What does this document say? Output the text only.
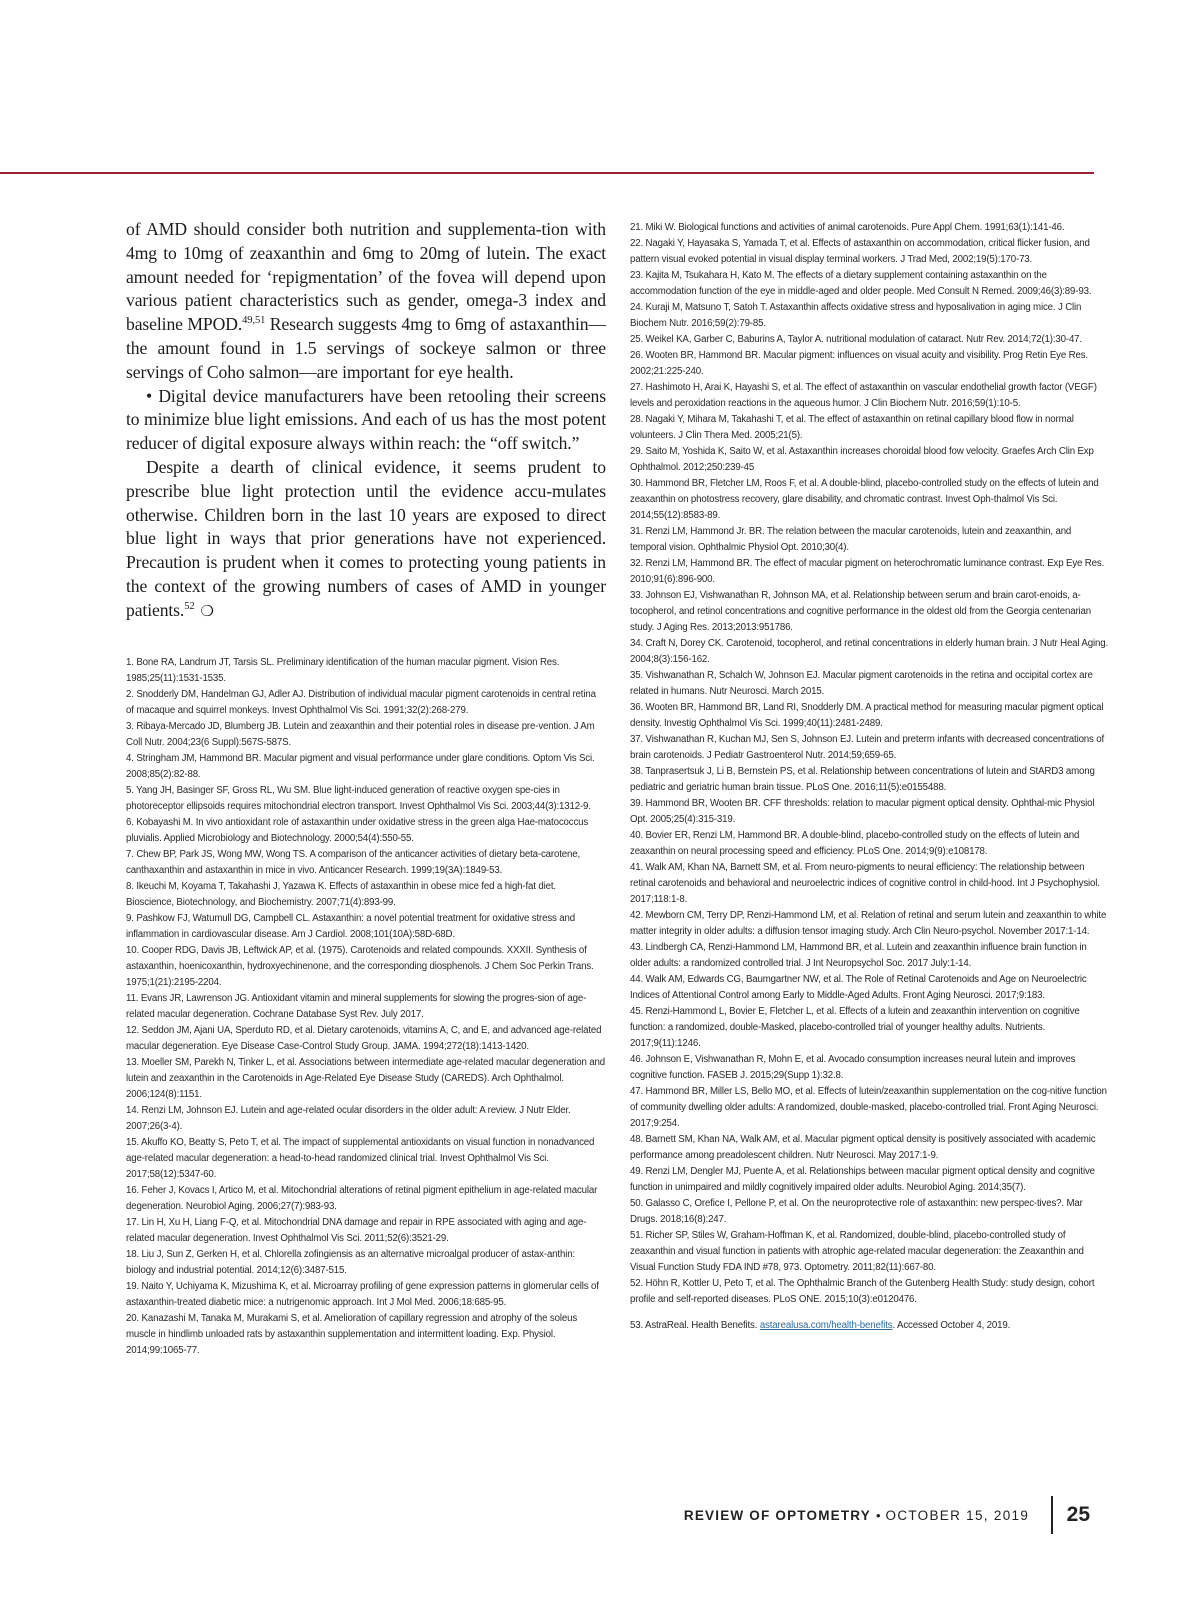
of AMD should consider both nutrition and supplementa-tion with 4mg to 10mg of zeaxanthin and 6mg to 20mg of lutein. The exact amount needed for ‘repigmentation’ of the fovea will depend upon various patient characteristics such as gender, omega-3 index and baseline MPOD.$^{49,51}$ Research suggests 4mg to 6mg of astaxanthin—the amount found in 1.5 servings of sockeye salmon or three servings of Coho salmon—are important for eye health.

• Digital device manufacturers have been retooling their screens to minimize blue light emissions. And each of us has the most potent reducer of digital exposure always within reach: the “off switch.”

Despite a dearth of clinical evidence, it seems prudent to prescribe blue light protection until the evidence accu-mulates otherwise. Children born in the last 10 years are exposed to direct blue light in ways that prior generations have not experienced. Precaution is prudent when it comes to protecting young patients in the context of the growing numbers of cases of AMD in younger patients.$^{52}$ ❍

1. Bone RA, Landrum JT, Tarsis SL. Preliminary identification of the human macular pigment. Vision Res. 1985;25(11):1531-1535.

2. Snodderly DM, Handelman GJ, Adler AJ. Distribution of individual macular pigment carotenoids in central retina of macaque and squirrel monkeys. Invest Ophthalmol Vis Sci. 1991;32(2):268-279.

3. Ribaya-Mercado JD, Blumberg JB. Lutein and zeaxanthin and their potential roles in disease pre-vention. J Am Coll Nutr. 2004;23(6 Suppl):567S-587S.

4. Stringham JM, Hammond BR. Macular pigment and visual performance under glare conditions. Optom Vis Sci. 2008;85(2):82-88.

5. Yang JH, Basinger SF, Gross RL, Wu SM. Blue light-induced generation of reactive oxygen spe-cies in photoreceptor ellipsoids requires mitochondrial electron transport. Invest Ophthalmol Vis Sci. 2003;44(3):1312-9.

6. Kobayashi M. In vivo antioxidant role of astaxanthin under oxidative stress in the green alga Hae-matococcus pluvialis. Applied Microbiology and Biotechnology. 2000;54(4):550-55.

7. Chew BP, Park JS, Wong MW, Wong TS. A comparison of the anticancer activities of dietary beta-carotene, canthaxanthin and astaxanthin in mice in vivo. Anticancer Research. 1999;19(3A):1849-53.

8. Ikeuchi M, Koyama T, Takahashi J, Yazawa K. Effects of astaxanthin in obese mice fed a high-fat diet. Bioscience, Biotechnology, and Biochemistry. 2007;71(4):893-99.

9. Pashkow FJ, Watumull DG, Campbell CL. Astaxanthin: a novel potential treatment for oxidative stress and inflammation in cardiovascular disease. Am J Cardiol. 2008;101(10A):58D-68D.

10. Cooper RDG, Davis JB, Leftwick AP, et al. (1975). Carotenoids and related compounds. XXXII. Synthesis of astaxanthin, hoenicoxanthin, hydroxyechinenone, and the corresponding diosphenols. J Chem Soc Perkin Trans. 1975;1(21):2195-2204.

11. Evans JR, Lawrenson JG. Antioxidant vitamin and mineral supplements for slowing the progres-sion of age-related macular degeneration. Cochrane Database Syst Rev. July 2017.

12. Seddon JM, Ajani UA, Sperduto RD, et al. Dietary carotenoids, vitamins A, C, and E, and advanced age-related macular degeneration. Eye Disease Case-Control Study Group. JAMA. 1994;272(18):1413-1420.

13. Moeller SM, Parekh N, Tinker L, et al. Associations between intermediate age-related macular degeneration and lutein and zeaxanthin in the Carotenoids in Age-Related Eye Disease Study (CAREDS). Arch Ophthalmol. 2006;124(8):1151.

14. Renzi LM, Johnson EJ. Lutein and age-related ocular disorders in the older adult: A review. J Nutr Elder. 2007;26(3-4).

15. Akuffo KO, Beatty S, Peto T, et al. The impact of supplemental antioxidants on visual function in nonadvanced age-related macular degeneration: a head-to-head randomized clinical trial. Invest Ophthalmol Vis Sci. 2017;58(12):5347-60.

16. Feher J, Kovacs I, Artico M, et al. Mitochondrial alterations of retinal pigment epithelium in age-related macular degeneration. Neurobiol Aging. 2006;27(7):983-93.

17. Lin H, Xu H, Liang F-Q, et al. Mitochondrial DNA damage and repair in RPE associated with aging and age-related macular degeneration. Invest Ophthalmol Vis Sci. 2011;52(6):3521-29.

18. Liu J, Sun Z, Gerken H, et al. Chlorella zofingiensis as an alternative microalgal producer of astax-anthin: biology and industrial potential. 2014;12(6):3487-515.

19. Naito Y, Uchiyama K, Mizushima K, et al. Microarray profiling of gene expression patterns in glomerular cells of astaxanthin-treated diabetic mice: a nutrigenomic approach. Int J Mol Med. 2006;18:685-95.

20. Kanazashi M, Tanaka M, Murakami S, et al. Amelioration of capillary regression and atrophy of the soleus muscle in hindlimb unloaded rats by astaxanthin supplementation and intermittent loading. Exp. Physiol. 2014;99:1065-77.

21. Miki W. Biological functions and activities of animal carotenoids. Pure Appl Chem. 1991;63(1):141-46.

22. Nagaki Y, Hayasaka S, Yamada T, et al. Effects of astaxanthin on accommodation, critical flicker fusion, and pattern visual evoked potential in visual display terminal workers. J Trad Med, 2002;19(5):170-73.

23. Kajita M, Tsukahara H, Kato M. The effects of a dietary supplement containing astaxanthin on the accommodation function of the eye in middle-aged and older people. Med Consult N Remed. 2009;46(3):89-93.

24. Kuraji M, Matsuno T, Satoh T. Astaxanthin affects oxidative stress and hyposalivation in aging mice. J Clin Biochem Nutr. 2016;59(2):79-85.

25. Weikel KA, Garber C, Baburins A, Taylor A. nutritional modulation of cataract. Nutr Rev. 2014;72(1):30-47.

26. Wooten BR, Hammond BR. Macular pigment: influences on visual acuity and visibility. Prog Retin Eye Res. 2002;21:225-240.

27. Hashimoto H, Arai K, Hayashi S, et al. The effect of astaxanthin on vascular endothelial growth factor (VEGF) levels and peroxidation reactions in the aqueous humor. J Clin Biochem Nutr. 2016;59(1):10-5.

28. Nagaki Y, Mihara M, Takahashi T, et al. The effect of astaxanthin on retinal capillary blood flow in normal volunteers. J Clin Thera Med. 2005;21(5).

29. Saito M, Yoshida K, Saito W, et al. Astaxanthin increases choroidal blood fow velocity. Graefes Arch Clin Exp Ophthalmol. 2012;250:239-45

30. Hammond BR, Fletcher LM, Roos F, et al. A double-blind, placebo-controlled study on the effects of lutein and zeaxanthin on photostress recovery, glare disability, and chromatic contrast. Invest Oph-thalmol Vis Sci. 2014;55(12):8583-89.

31. Renzi LM, Hammond Jr. BR. The relation between the macular carotenoids, lutein and zeaxanthin, and temporal vision. Ophthalmic Physiol Opt. 2010;30(4).

32. Renzi LM, Hammond BR. The effect of macular pigment on heterochromatic luminance contrast. Exp Eye Res. 2010;91(6):896-900.

33. Johnson EJ, Vishwanathan R, Johnson MA, et al. Relationship between serum and brain carot-enoids, a-tocopherol, and retinol concentrations and cognitive performance in the oldest old from the Georgia centenarian study. J Aging Res. 2013;2013:951786.

34. Craft N, Dorey CK. Carotenoid, tocopherol, and retinal concentrations in elderly human brain. J Nutr Heal Aging. 2004;8(3):156-162.

35. Vishwanathan R, Schalch W, Johnson EJ. Macular pigment carotenoids in the retina and occipital cortex are related in humans. Nutr Neurosci. March 2015.

36. Wooten BR, Hammond BR, Land RI, Snodderly DM. A practical method for measuring macular pigment optical density. Investig Ophthalmol Vis Sci. 1999;40(11):2481-2489.

37. Vishwanathan R, Kuchan MJ, Sen S, Johnson EJ. Lutein and preterm infants with decreased concentrations of brain carotenoids. J Pediatr Gastroenterol Nutr. 2014;59;659-65.

38. Tanprasertsuk J, Li B, Bernstein PS, et al. Relationship between concentrations of lutein and StARD3 among pediatric and geriatric human brain tissue. PLoS One. 2016;11(5):e0155488.

39. Hammond BR, Wooten BR. CFF thresholds: relation to macular pigment optical density. Ophthal-mic Physiol Opt. 2005;25(4):315-319.

40. Bovier ER, Renzi LM, Hammond BR. A double-blind, placebo-controlled study on the effects of lutein and zeaxanthin on neural processing speed and efficiency. PLoS One. 2014;9(9):e108178.

41. Walk AM, Khan NA, Barnett SM, et al. From neuro-pigments to neural efficiency: The relationship between retinal carotenoids and behavioral and neuroelectric indices of cognitive control in child-hood. Int J Psychophysiol. 2017;118:1-8.

42. Mewborn CM, Terry DP, Renzi-Hammond LM, et al. Relation of retinal and serum lutein and zeaxanthin to white matter integrity in older adults: a diffusion tensor imaging study. Arch Clin Neuro-psychol. November 2017:1-14.

43. Lindbergh CA, Renzi-Hammond LM, Hammond BR, et al. Lutein and zeaxanthin influence brain function in older adults: a randomized controlled trial. J Int Neuropsychol Soc. 2017 July:1-14.

44. Walk AM, Edwards CG, Baumgartner NW, et al. The Role of Retinal Carotenoids and Age on Neuroelectric Indices of Attentional Control among Early to Middle-Aged Adults. Front Aging Neurosci. 2017;9:183.

45. Renzi-Hammond L, Bovier E, Fletcher L, et al. Effects of a lutein and zeaxanthin intervention on cognitive function: a randomized, double-Masked, placebo-controlled trial of younger healthy adults. Nutrients. 2017;9(11):1246.

46. Johnson E, Vishwanathan R, Mohn E, et al. Avocado consumption increases neural lutein and improves cognitive function. FASEB J. 2015;29(Supp 1):32.8.

47. Hammond BR, Miller LS, Bello MO, et al. Effects of lutein/zeaxanthin supplementation on the cog-nitive function of community dwelling older adults: A randomized, double-masked, placebo-controlled trial. Front Aging Neurosci. 2017;9:254.

48. Barnett SM, Khan NA, Walk AM, et al. Macular pigment optical density is positively associated with academic performance among preadolescent children. Nutr Neurosci. May 2017:1-9.

49. Renzi LM, Dengler MJ, Puente A, et al. Relationships between macular pigment optical density and cognitive function in unimpaired and mildly cognitively impaired older adults. Neurobiol Aging. 2014;35(7).

50. Galasso C, Orefice I, Pellone P, et al. On the neuroprotective role of astaxanthin: new perspec-tives?. Mar Drugs. 2018;16(8):247.

51. Richer SP, Stiles W, Graham-Hoffman K, et al. Randomized, double-blind, placebo-controlled study of zeaxanthin and visual function in patients with atrophic age-related macular degeneration: the Zeaxanthin and Visual Function Study FDA IND #78, 973. Optometry. 2011;82(11):667-80.

52. Höhn R, Kottler U, Peto T, et al. The Ophthalmic Branch of the Gutenberg Health Study: study design, cohort profile and self-reported diseases. PLoS ONE. 2015;10(3):e0120476.

53. AstraReal. Health Benefits. astarealusa.com/health-benefits. Accessed October 4, 2019.

REVIEW OF OPTOMETRY • OCTOBER 15, 2019 25
